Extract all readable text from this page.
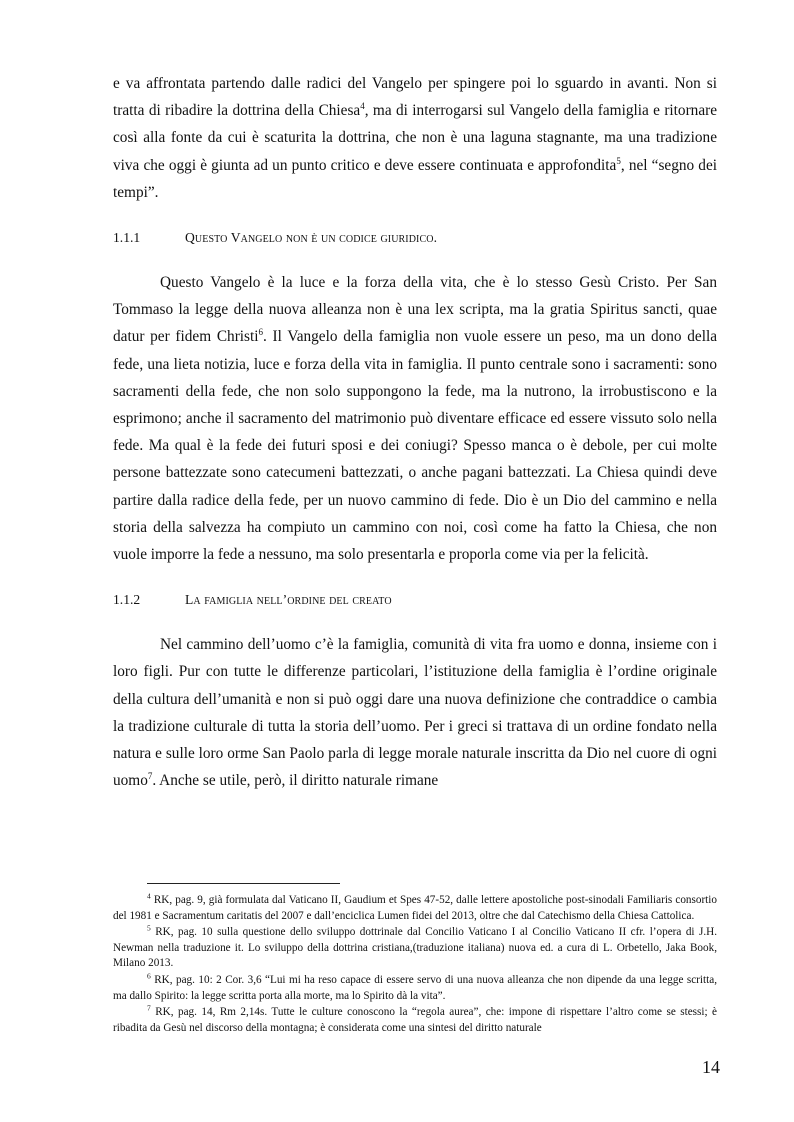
e va affrontata partendo dalle radici del Vangelo per spingere poi lo sguardo in avanti. Non si tratta di ribadire la dottrina della Chiesa$^4$, ma di interrogarsi sul Vangelo della famiglia e ritornare così alla fonte da cui è scaturita la dottrina, che non è una laguna stagnante, ma una tradizione viva che oggi è giunta ad un punto critico e deve essere continuata e approfondita$^5$, nel “segno dei tempi”.

1.1.1	Questo Vangelo non è un codice giuridico.

Questo Vangelo è la luce e la forza della vita, che è lo stesso Gesù Cristo. Per San Tommaso la legge della nuova alleanza non è una lex scripta, ma la gratia Spiritus sancti, quae datur per fidem Christi$^6$. Il Vangelo della famiglia non vuole essere un peso, ma un dono della fede, una lieta notizia, luce e forza della vita in famiglia. Il punto centrale sono i sacramenti: sono sacramenti della fede, che non solo suppongono la fede, ma la nutrono, la irrobustiscono e la esprimono; anche il sacramento del matrimonio può diventare efficace ed essere vissuto solo nella fede. Ma qual è la fede dei futuri sposi e dei coniugi? Spesso manca o è debole, per cui molte persone battezzate sono catecumeni battezzati, o anche pagani battezzati. La Chiesa quindi deve partire dalla radice della fede, per un nuovo cammino di fede. Dio è un Dio del cammino e nella storia della salvezza ha compiuto un cammino con noi, così come ha fatto la Chiesa, che non vuole imporre la fede a nessuno, ma solo presentarla e proporla come via per la felicità.

1.1.2	La famiglia nell’ordine del creato

Nel cammino dell’uomo c’è la famiglia, comunità di vita fra uomo e donna, insieme con i loro figli. Pur con tutte le differenze particolari, l’istituzione della famiglia è l’ordine originale della cultura dell’umanità e non si può oggi dare una nuova definizione che contraddice o cambia la tradizione culturale di tutta la storia dell’uomo. Per i greci si trattava di un ordine fondato nella natura e sulle loro orme San Paolo parla di legge morale naturale inscritta da Dio nel cuore di ogni uomo$^7$. Anche se utile, però, il diritto naturale rimane

$^4$ RK, pag. 9, già formulata dal Vaticano II, Gaudium et Spes 47-52, dalle lettere apostoliche post-sinodali Familiaris consortio del 1981 e Sacramentum caritatis del 2007 e dall’enciclica Lumen fidei del 2013, oltre che dal Catechismo della Chiesa Cattolica.

$^5$ RK, pag. 10 sulla questione dello sviluppo dottrinale dal Concilio Vaticano I al Concilio Vaticano II cfr. l’opera di J.H. Newman nella traduzione it. Lo sviluppo della dottrina cristiana,(traduzione italiana) nuova ed. a cura di L. Orbetello, Jaka Book, Milano 2013.

$^6$ RK, pag. 10: 2 Cor. 3,6 “Lui mi ha reso capace di essere servo di una nuova alleanza che non dipende da una legge scritta, ma dallo Spirito: la legge scritta porta alla morte, ma lo Spirito dà la vita”.

$^7$ RK, pag. 14, Rm 2,14s. Tutte le culture conoscono la “regola aurea”, che: impone di rispettare l’altro come se stessi; è ribadita da Gesù nel discorso della montagna; è considerata come una sintesi del diritto naturale

14
